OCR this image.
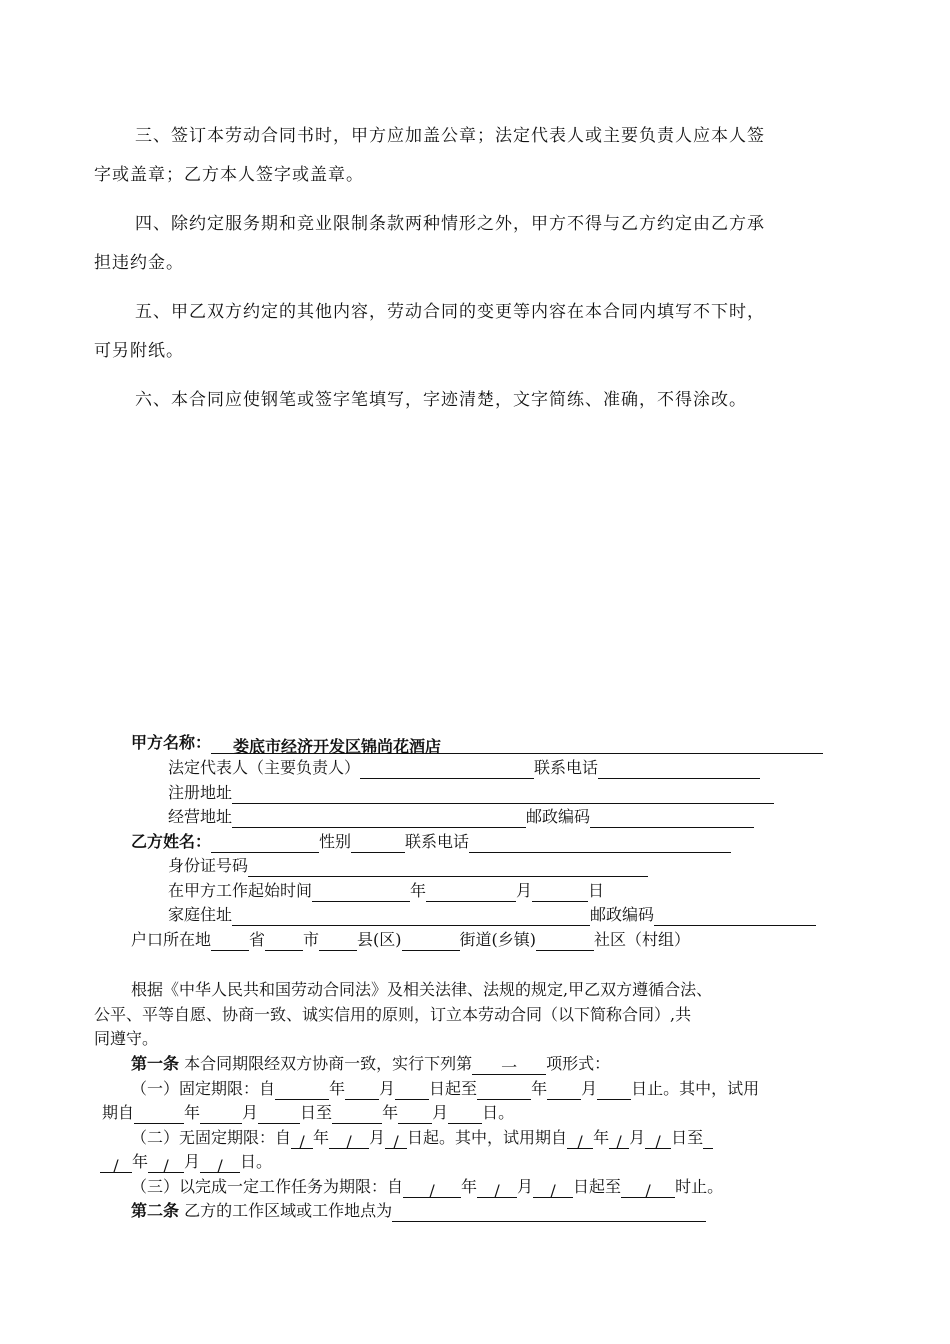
三、签订本劳动合同书时，甲方应加盖公章；法定代表人或主要负责人应本人签
字或盖章；乙方本人签字或盖章。
四、除约定服务期和竞业限制条款两种情形之外，甲方不得与乙方约定由乙方承
担违约金。
五、甲乙双方约定的其他内容，劳动合同的变更等内容在本合同内填写不下时，
可另附纸。
六、本合同应使钢笔或签字笔填写，字迹清楚，文字简练、准确，不得涂改。
甲方名称： 娄底市经济开发区锦尚花酒店
法定代表人（主要负责人）	联系电话
注册地址
经营地址	邮政编码
乙方姓名：	性别	联系电话
身份证号码
在甲方工作起始时间	年	月	日
家庭住址	邮政编码
户口所在地 省 市 县(区)	街道(乡镇)	社区（村组）
根据《中华人民共和国劳动合同法》及相关法律、法规的规定,甲乙双方遵循合法、
公平、平等自愿、协商一致、诚实信用的原则，订立本劳动合同（以下简称合同）,共
同遵守。
第一条 本合同期限经双方协商一致，实行下列第 一 项形式：
（一）固定期限：自	年 月 日起至	年 月 日止。其中，试用
期自	年	月	日至	年 月 日。
（二）无固定期限：自 / 年 / 月 / 日起。其中，试用期自 / 年 / 月 / 日至
/ 年 / 月 / 日。
（三）以完成一定工作任务为期限：自 / 年 / 月 / 日起至 / 时止。
第二条 乙方的工作区域或工作地点为
